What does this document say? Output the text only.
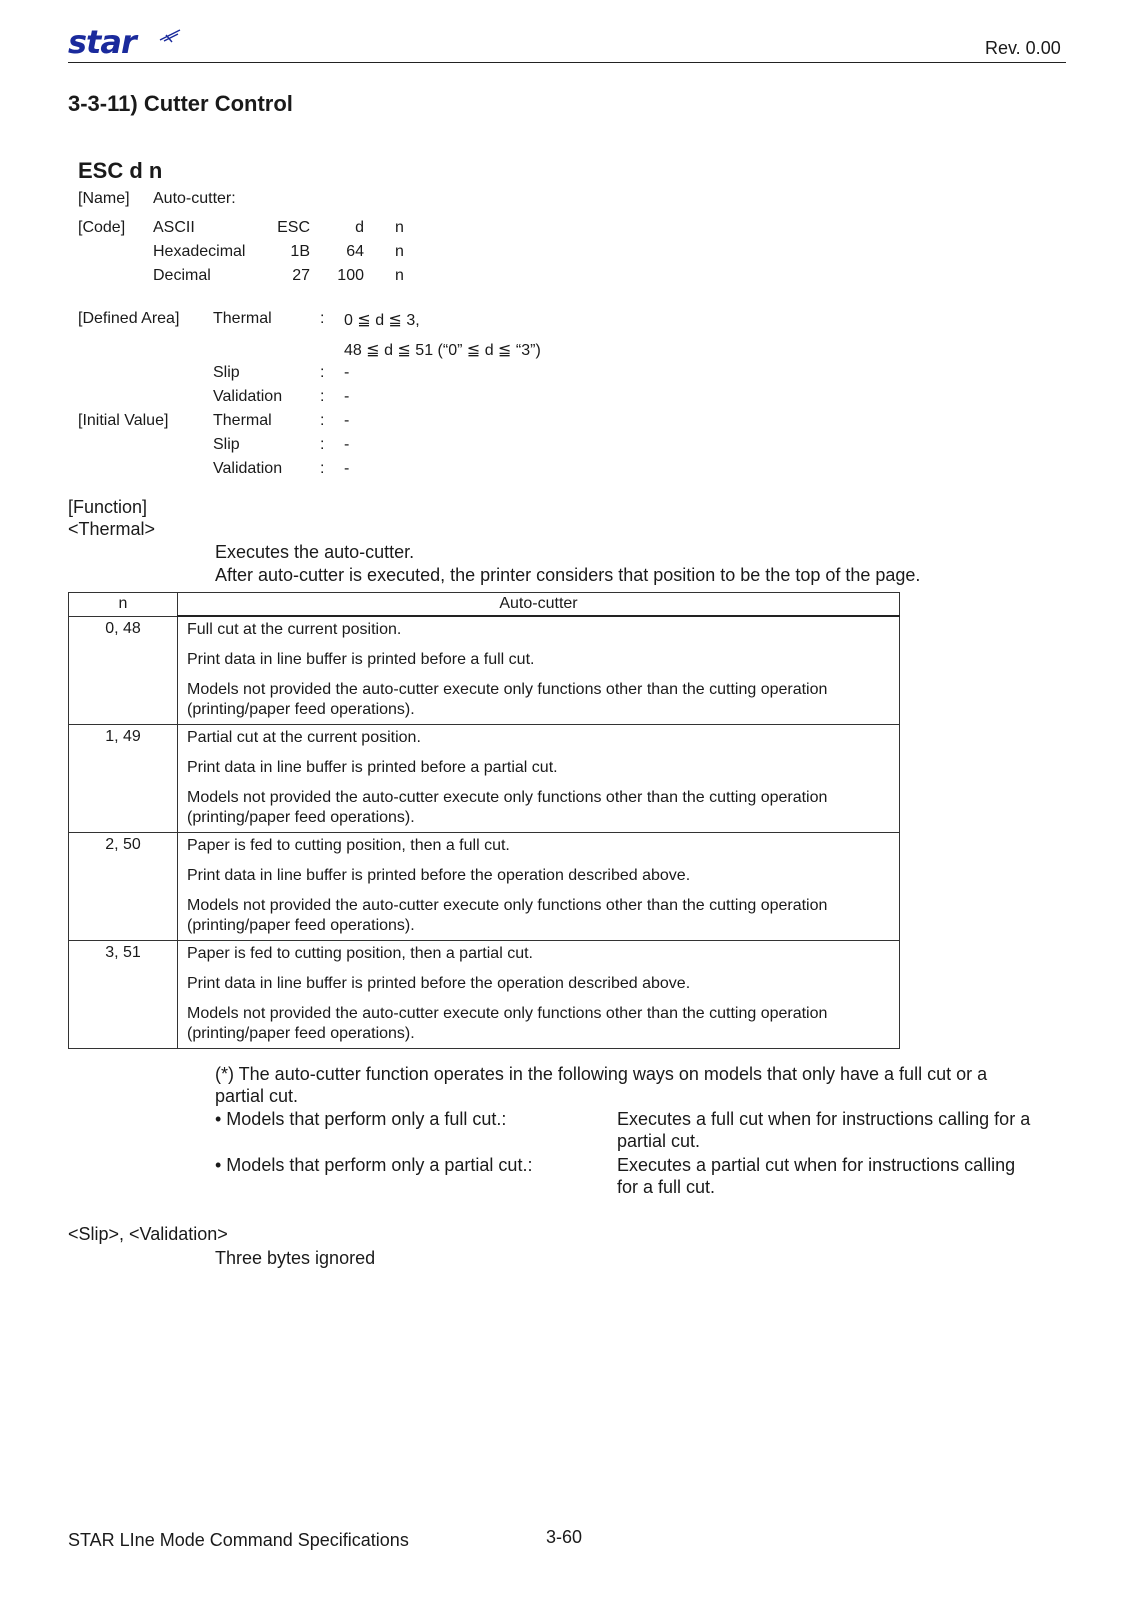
star	Rev. 0.00
3-3-11) Cutter Control
ESC d n
[Name] Auto-cutter:
[Code] ASCII	ESC	d n
Hexadecimal	1B	64 n
Decimal	27	100 n
[Defined Area] Thermal	: 0 ≦ d ≦ 3,
48 ≦ d ≦ 51 (“0” ≦ d ≦ “3”)
Slip	: -
Validation : -
[Initial Value]	Thermal	: -
Slip	: -
Validation : -
[Function]
<Thermal>
Executes the auto-cutter.
After auto-cutter is executed, the printer considers that position to be the top of the page.
n	Auto-cutter
0, 48	Full cut at the current position.

Print data in line buffer is printed before a full cut.

Models not provided the auto-cutter execute only functions other than the cutting operation (printing/paper feed operations).

1, 49	Partial cut at the current position.

Print data in line buffer is printed before a partial cut.

Models not provided the auto-cutter execute only functions other than the cutting operation (printing/paper feed operations).

2, 50	Paper is fed to cutting position, then a full cut.

Print data in line buffer is printed before the operation described above.

Models not provided the auto-cutter execute only functions other than the cutting operation (printing/paper feed operations).

3, 51	Paper is fed to cutting position, then a partial cut.

Print data in line buffer is printed before the operation described above.

Models not provided the auto-cutter execute only functions other than the cutting operation (printing/paper feed operations).

(*) The auto-cutter function operates in the following ways on models that only have a full cut or a
partial cut.
• Models that perform only a full cut.:	Executes a full cut when for instructions calling for a
partial cut.
• Models that perform only a partial cut.:	Executes a partial cut when for instructions calling
for a full cut.
<Slip>, <Validation>
Three bytes ignored
STAR LIne Mode Command Specifications	3-60
